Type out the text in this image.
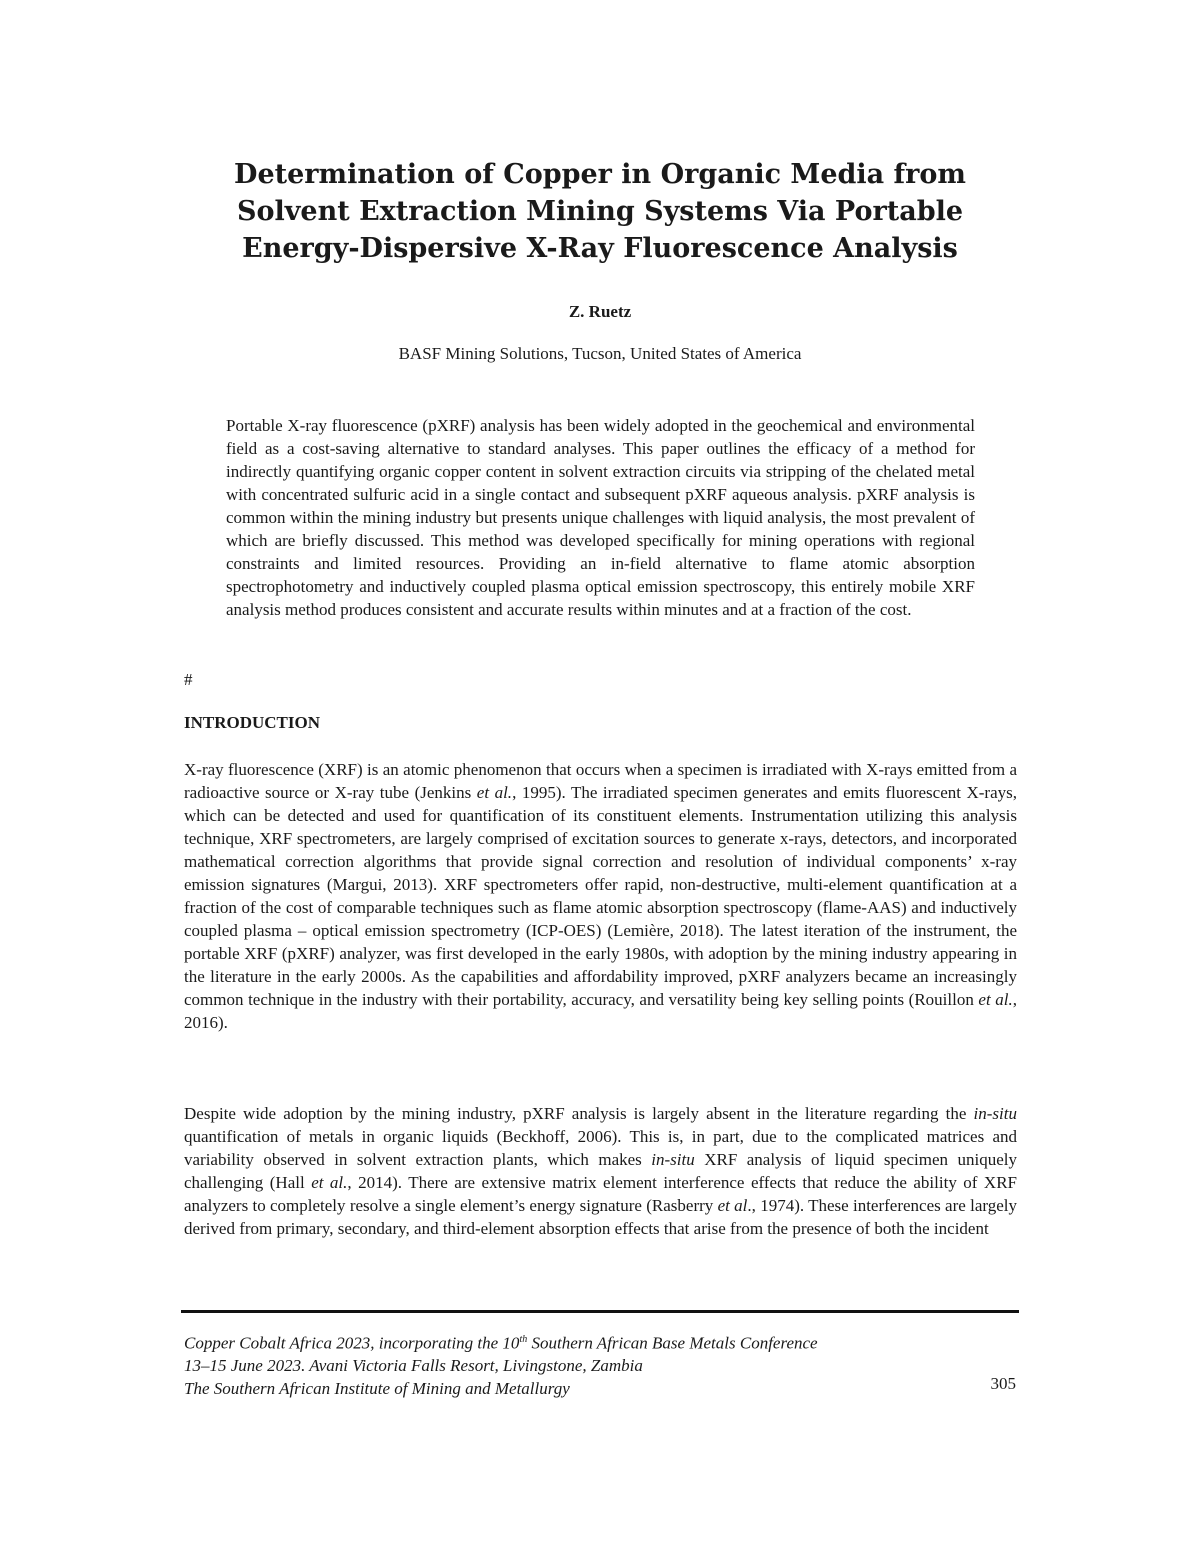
Determination of Copper in Organic Media from
Solvent Extraction Mining Systems Via Portable
Energy-Dispersive X-Ray Fluorescence Analysis
Z. Ruetz
BASF Mining Solutions, Tucson, United States of America

Portable X-ray fluorescence (pXRF) analysis has been widely adopted in the geochemical and environmental field as a cost-saving alternative to standard analyses. This paper outlines the efficacy of a method for indirectly quantifying organic copper content in solvent extraction circuits via stripping of the chelated metal with concentrated sulfuric acid in a single contact and subsequent pXRF aqueous analysis. pXRF analysis is common within the mining industry but presents unique challenges with liquid analysis, the most prevalent of which are briefly discussed. This method was developed specifically for mining operations with regional constraints and limited resources. Providing an in-field alternative to flame atomic absorption spectrophotometry and inductively coupled plasma optical emission spectroscopy, this entirely mobile XRF analysis method produces consistent and accurate results within minutes and at a fraction of the cost.

#
INTRODUCTION

X-ray fluorescence (XRF) is an atomic phenomenon that occurs when a specimen is irradiated with X-rays emitted from a radioactive source or X-ray tube (Jenkins et al., 1995). The irradiated specimen generates and emits fluorescent X-rays, which can be detected and used for quantification of its constituent elements. Instrumentation utilizing this analysis technique, XRF spectrometers, are largely comprised of excitation sources to generate x-rays, detectors, and incorporated mathematical correction algorithms that provide signal correction and resolution of individual components’ x-ray emission signatures (Margui, 2013). XRF spectrometers offer rapid, non-destructive, multi-element quantification at a fraction of the cost of comparable techniques such as flame atomic absorption spectroscopy (flame-AAS) and inductively coupled plasma – optical emission spectrometry (ICP-OES) (Lemière, 2018). The latest iteration of the instrument, the portable XRF (pXRF) analyzer, was first developed in the early 1980s, with adoption by the mining industry appearing in the literature in the early 2000s. As the capabilities and affordability improved, pXRF analyzers became an increasingly common technique in the industry with their portability, accuracy, and versatility being key selling points (Rouillon et al., 2016).

Despite wide adoption by the mining industry, pXRF analysis is largely absent in the literature regarding the in-situ quantification of metals in organic liquids (Beckhoff, 2006). This is, in part, due to the complicated matrices and variability observed in solvent extraction plants, which makes in-situ XRF analysis of liquid specimen uniquely challenging (Hall et al., 2014). There are extensive matrix element interference effects that reduce the ability of XRF analyzers to completely resolve a single element’s energy signature (Rasberry et al., 1974). These interferences are largely derived from primary, secondary, and third-element absorption effects that arise from the presence of both the incident

Copper Cobalt Africa 2023, incorporating the 10th Southern African Base Metals Conference
13–15 June 2023. Avani Victoria Falls Resort, Livingstone, Zambia
The Southern African Institute of Mining and Metallurgy	305
